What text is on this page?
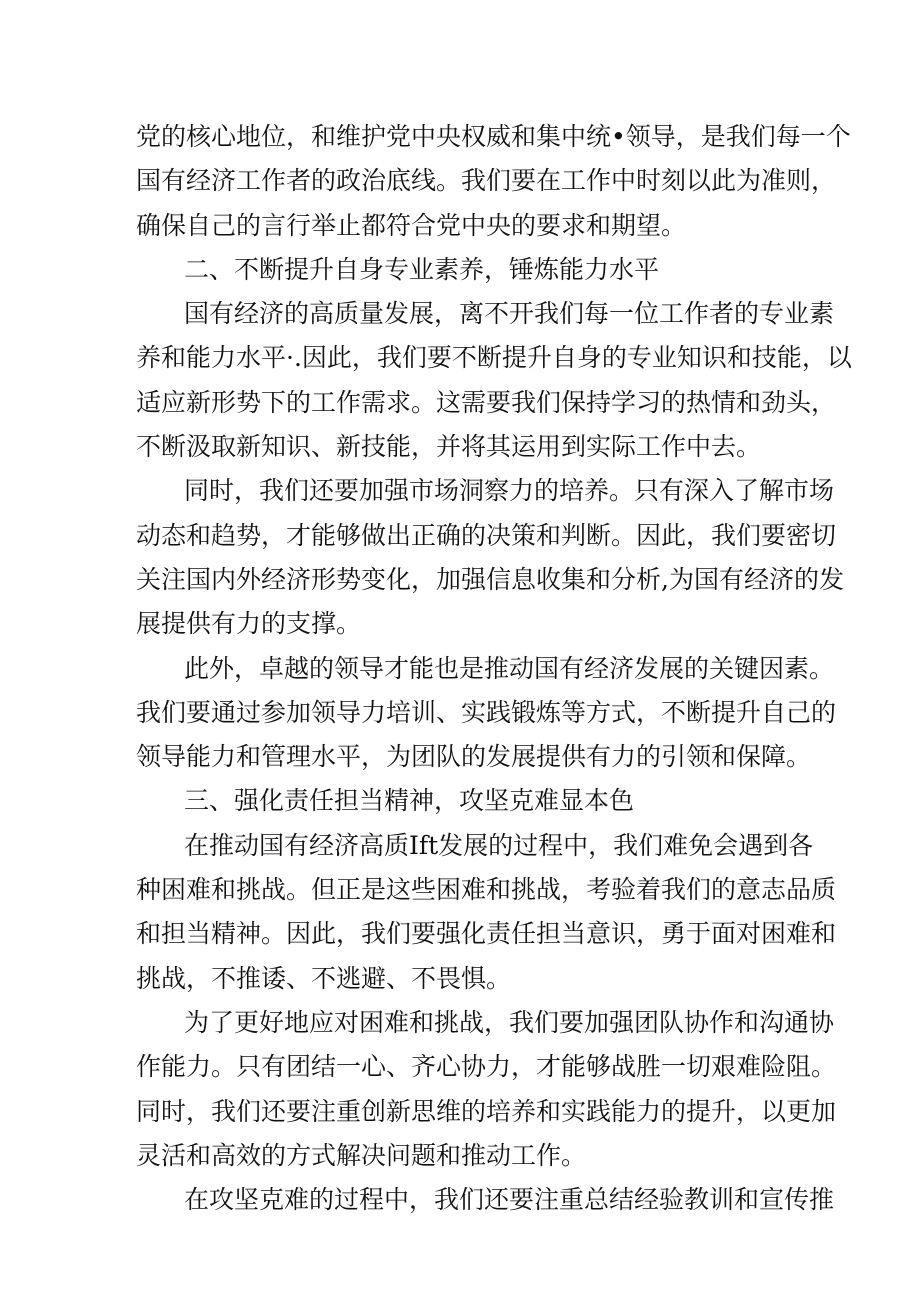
党的核心地位，和维护党中央权威和集中统•领导，是我们每一个
国有经济工作者的政治底线。我们要在工作中时刻以此为准则，
确保自己的言行举止都符合党中央的要求和期望。
二、不断提升自身专业素养，锤炼能力水平
国有经济的高质量发展，离不开我们每一位工作者的专业素
养和能力水平·.因此，我们要不断提升自身的专业知识和技能，以
适应新形势下的工作需求。这需要我们保持学习的热情和劲头，
不断汲取新知识、新技能，并将其运用到实际工作中去。
同时，我们还要加强市场洞察力的培养。只有深入了解市场
动态和趋势，才能够做出正确的决策和判断。因此，我们要密切
关注国内外经济形势变化，加强信息收集和分析,为国有经济的发
展提供有力的支撑。
此外，卓越的领导才能也是推动国有经济发展的关键因素。
我们要通过参加领导力培训、实践锻炼等方式，不断提升自己的
领导能力和管理水平，为团队的发展提供有力的引领和保障。
三、强化责任担当精神，攻坚克难显本色
在推动国有经济高质Ift发展的过程中，我们难免会遇到各
种困难和挑战。但正是这些困难和挑战，考验着我们的意志品质
和担当精神。因此，我们要强化责任担当意识，勇于面对困难和
挑战，不推诿、不逃避、不畏惧。
为了更好地应对困难和挑战，我们要加强团队协作和沟通协
作能力。只有团结一心、齐心协力，才能够战胜一切艰难险阻。
同时，我们还要注重创新思维的培养和实践能力的提升，以更加
灵活和高效的方式解决问题和推动工作。
在攻坚克难的过程中，我们还要注重总结经验教训和宣传推
